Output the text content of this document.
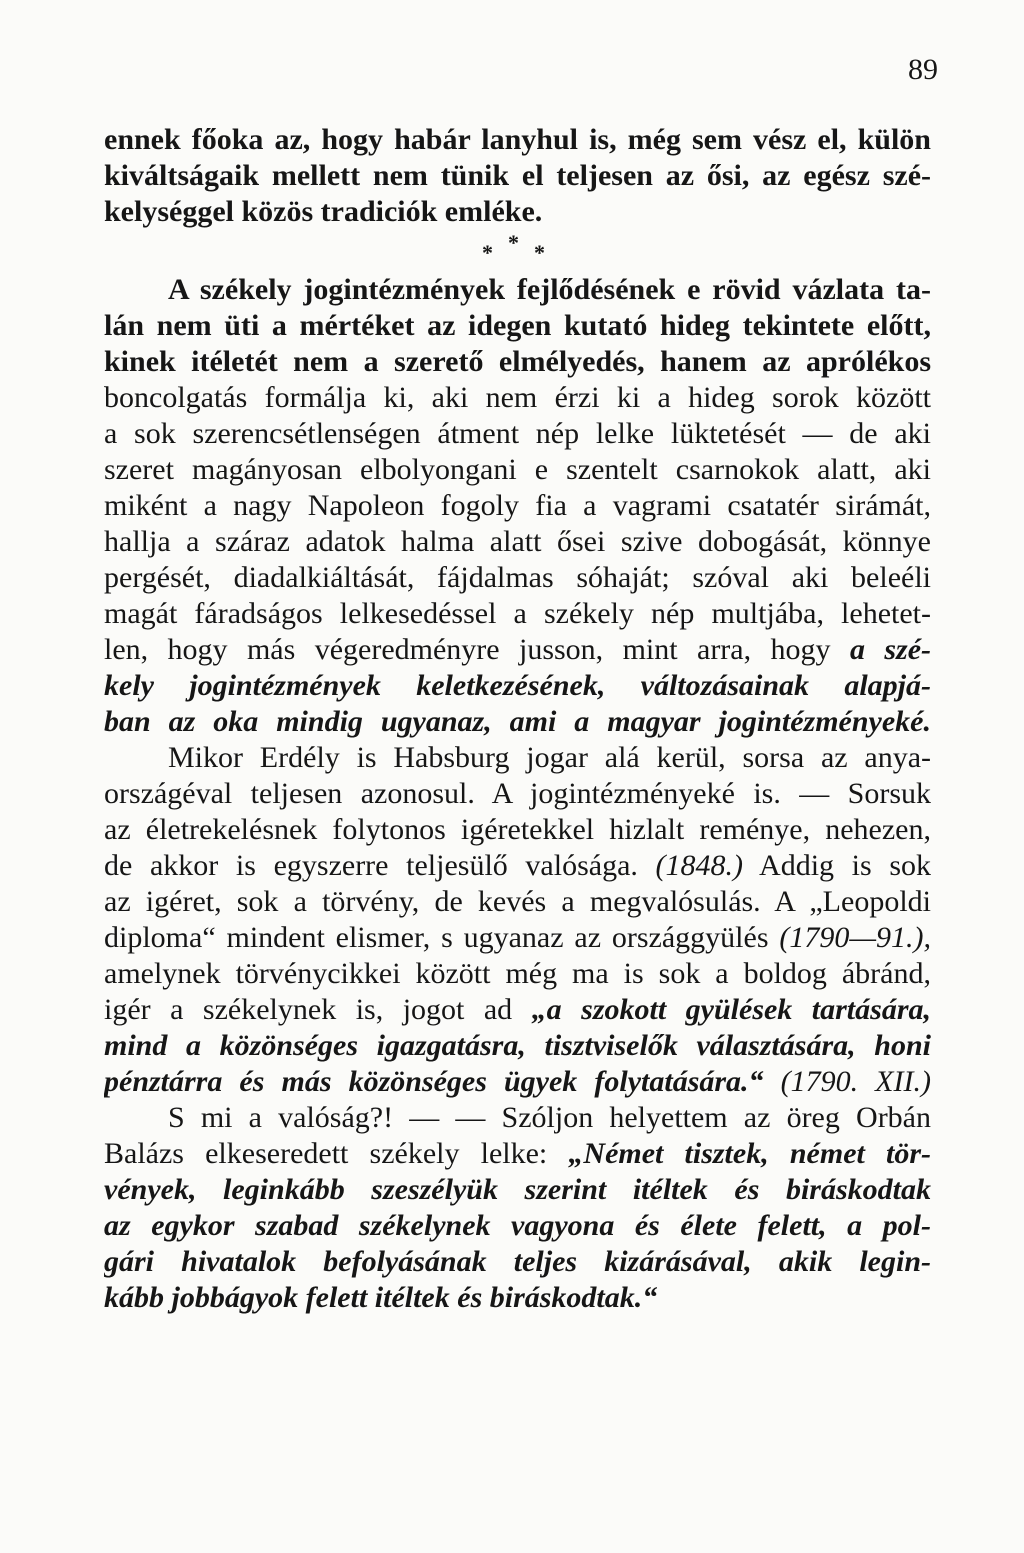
89
ennek főoka az, hogy habár lanyhul is, még sem vész el, külön
kiváltságaik mellett nem tünik el teljesen az ősi, az egész szé-
kelységgel közös tradiciók emléke.
* * *
A székely jogintézmények fejlődésének e rövid vázlata ta-
lán nem üti a mértéket az idegen kutató hideg tekintete előtt,
kinek itéletét nem a szerető elmélyedés, hanem az aprólékos
boncolgatás formálja ki, aki nem érzi ki a hideg sorok között
a sok szerencsétlenségen átment nép lelke lüktetését — de aki
szeret magányosan elbolyongani e szentelt csarnokok alatt, aki
miként a nagy Napoleon fogoly fia a vagrami csatatér sirámát,
hallja a száraz adatok halma alatt ősei szive dobogását, könnye
pergését, diadalkiáltását, fájdalmas sóhaját; szóval aki beleéli
magát fáradságos lelkesedéssel a székely nép multjába, lehetet-
len, hogy más végeredményre jusson, mint arra, hogy a szé-
kely jogintézmények keletkezésének, változásainak alapjá-
ban az oka mindig ugyanaz, ami a magyar jogintézményeké.
Mikor Erdély is Habsburg jogar alá kerül, sorsa az anya-
országéval teljesen azonosul. A jogintézményeké is. — Sorsuk
az életrekelésnek folytonos igéretekkel hizlalt reménye, nehezen,
de akkor is egyszerre teljesülő valósága. (1848.) Addig is sok
az igéret, sok a törvény, de kevés a megvalósulás. A „Leopoldi
diploma“ mindent elismer, s ugyanaz az országgyülés (1790—91.),
amelynek törvénycikkei között még ma is sok a boldog ábránd,
igér a székelynek is, jogot ad „a szokott gyülések tartására,
mind a közönséges igazgatásra, tisztviselők választására, honi
pénztárra és más közönséges ügyek folytatására.“ (1790. XII.)
S mi a valóság?! — — Szóljon helyettem az öreg Orbán
Balázs elkeseredett székely lelke: „Német tisztek, német tör-
vények, leginkább szeszélyük szerint itéltek és biráskodtak
az egykor szabad székelynek vagyona és élete felett, a pol-
gári hivatalok befolyásának teljes kizárásával, akik legin-
kább jobbágyok felett itéltek és biráskodtak.“
